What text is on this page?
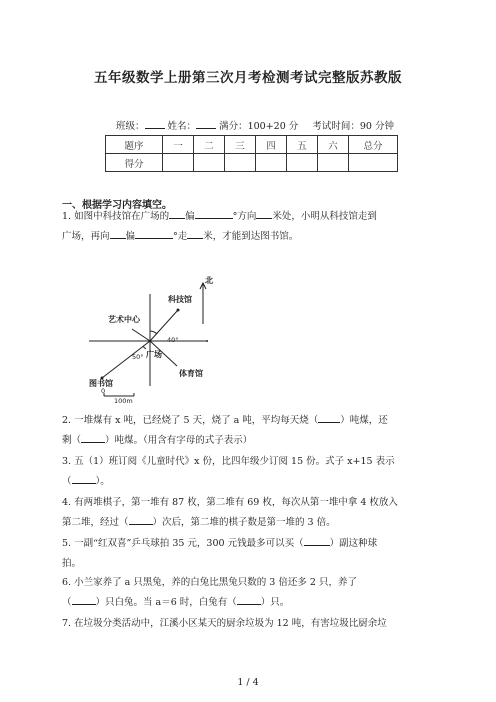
五年级数学上册第三次月考检测考试完整版苏教版
班级： 姓名： 满分：100+20 分 考试时间：90 分钟
题序	一	二	三	四	五	六	总分
得分							
一、根据学习内容填空。
1. 如图中科技馆在广场的 偏	°方向 米处，小明从科技馆走到
广场，再向 偏	°走 米，才能到达图书馆。
北
科技馆
艺术中心
广场
体育馆
图书馆
40°
50°
0
100m
2. 一堆煤有 x 吨，已经烧了 5 天，烧了 a 吨，平均每天烧（ ）吨煤，还
剩（	）吨煤。（用含有字母的式子表示）
3. 五（1）班订阅《儿童时代》x 份，比四年级少订阅 15 份。式子 x+15 表示
（	）。
4. 有两堆棋子，第一堆有 87 枚，第二堆有 69 枚，每次从第一堆中拿 4 枚放入
第二堆，经过（	）次后，第二堆的棋子数是第一堆的 3 倍。
5. 一副“红双喜”乒乓球拍 35 元，300 元钱最多可以买（	）副这种球
拍。
6. 小兰家养了 a 只黑兔，养的白兔比黑兔只数的 3 倍还多 2 只，养了
（	）只白兔。当 a＝6 时，白兔有（	）只。
7. 在垃圾分类活动中，江溪小区某天的厨余垃圾为 12 吨，有害垃圾比厨余垃
1 / 4
